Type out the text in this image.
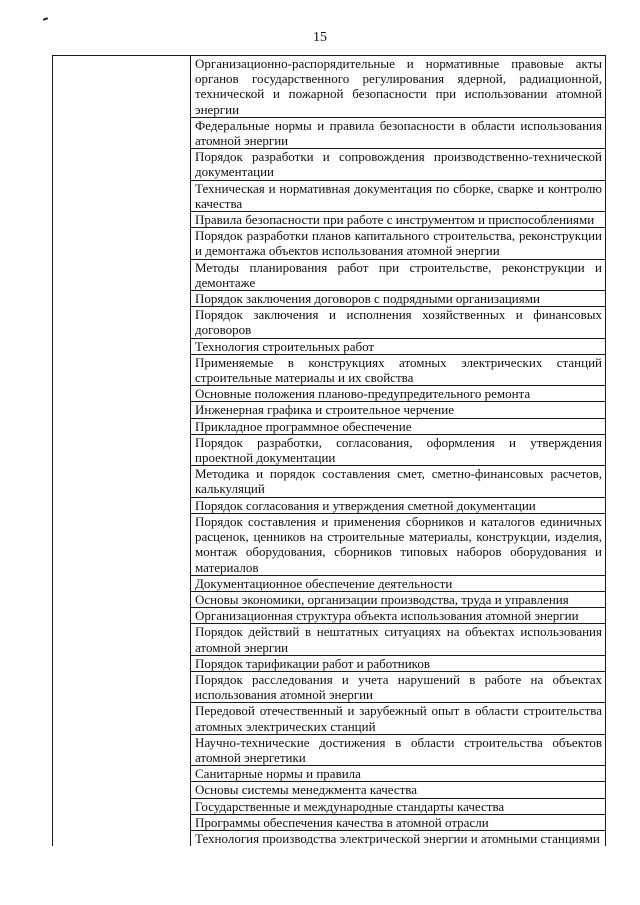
15
	Организационно-распорядительные и нормативные правовые акты органов государственного регулирования ядерной, радиационной, технической и пожарной безопасности при использовании атомной энергии
Федеральные нормы и правила безопасности в области использования атомной энергии
Порядок разработки и сопровождения производственно-технической документации
Техническая и нормативная документация по сборке, сварке и контролю качества
Правила безопасности при работе с инструментом и приспособлениями
Порядок разработки планов капитального строительства, реконструкции и демонтажа объектов использования атомной энергии
Методы планирования работ при строительстве, реконструкции и демонтаже
Порядок заключения договоров с подрядными организациями
Порядок заключения и исполнения хозяйственных и финансовых договоров
Технология строительных работ
Применяемые в конструкциях атомных электрических станций строительные материалы и их свойства
Основные положения планово-предупредительного ремонта
Инженерная графика и строительное черчение
Прикладное программное обеспечение
Порядок разработки, согласования, оформления и утверждения проектной документации
Методика и порядок составления смет, сметно-финансовых расчетов, калькуляций
Порядок согласования и утверждения сметной документации
Порядок составления и применения сборников и каталогов единичных расценок, ценников на строительные материалы, конструкции, изделия, монтаж оборудования, сборников типовых наборов оборудования и материалов
Документационное обеспечение деятельности
Основы экономики, организации производства, труда и управления
Организационная структура объекта использования атомной энергии
Порядок действий в нештатных ситуациях на объектах использования атомной энергии
Порядок тарификации работ и работников
Порядок расследования и учета нарушений в работе на объектах использования атомной энергии
Передовой отечественный и зарубежный опыт в области строительства атомных электрических станций
Научно-технические достижения в области строительства объектов атомной энергетики
Санитарные нормы и правила
Основы системы менеджмента качества
Государственные и международные стандарты качества
Программы обеспечения качества в атомной отрасли
Технология производства электрической энергии и атомными станциями
